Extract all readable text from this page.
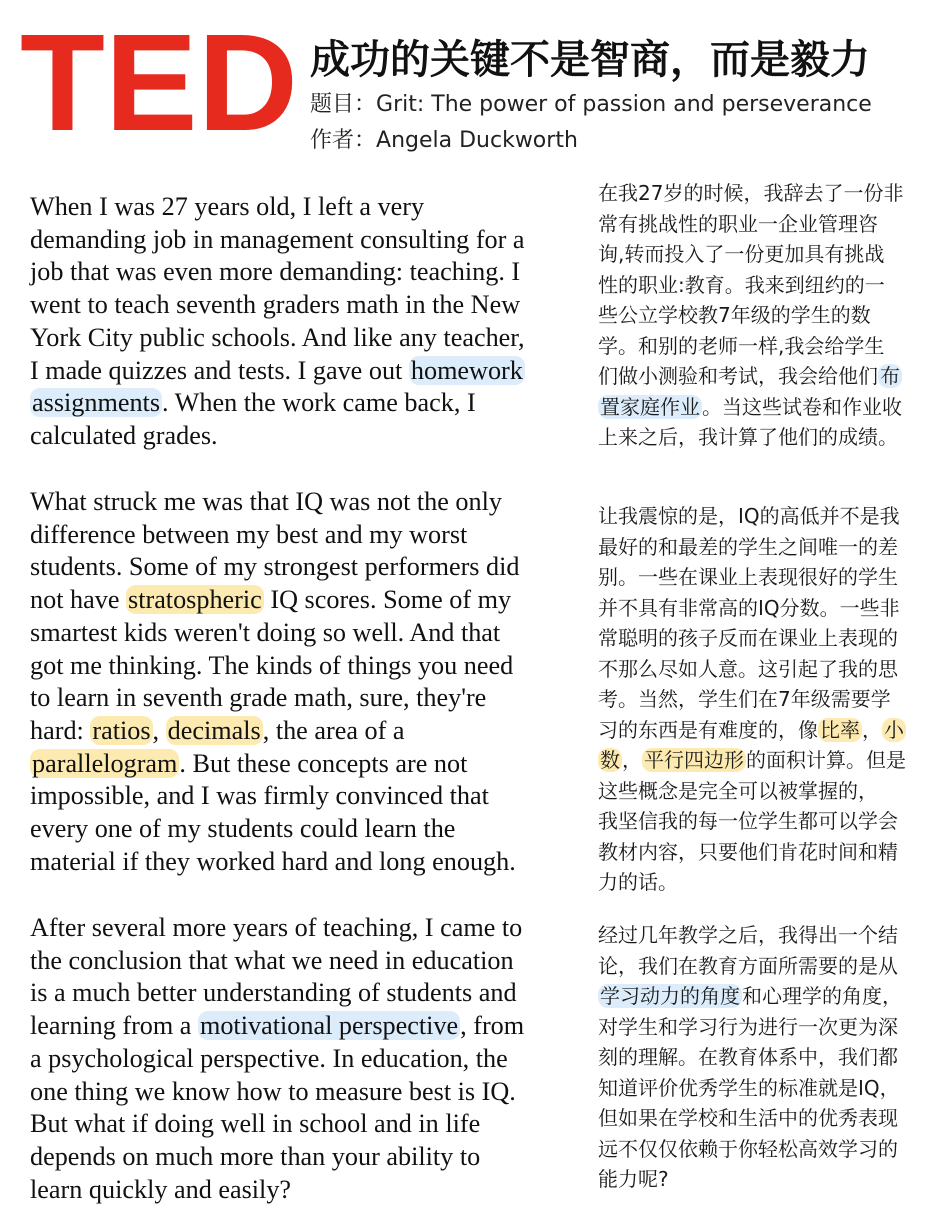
TED 成功的关键不是智商，而是毅力
题目：Grit: The power of passion and perseverance
作者：Angela Duckworth
When I was 27 years old, I left a very
demanding job in management consulting for a
job that was even more demanding: teaching. I
went to teach seventh graders math in the New
York City public schools. And like any teacher,
I made quizzes and tests. I gave out homework
assignments. When the work came back, I
calculated grades.
What struck me was that IQ was not the only
difference between my best and my worst
students. Some of my strongest performers did
not have stratospheric IQ scores. Some of my
smartest kids weren't doing so well. And that
got me thinking. The kinds of things you need
to learn in seventh grade math, sure, they're
hard: ratios, decimals, the area of a
parallelogram. But these concepts are not
impossible, and I was firmly convinced that
every one of my students could learn the
material if they worked hard and long enough.
After several more years of teaching, I came to
the conclusion that what we need in education
is a much better understanding of students and
learning from a motivational perspective, from
a psychological perspective. In education, the
one thing we know how to measure best is IQ.
But what if doing well in school and in life
depends on much more than your ability to
learn quickly and easily?
在我27岁的时候，我辞去了一份非
常有挑战性的职业一企业管理咨
询,转而投入了一份更加具有挑战
性的职业:教育。我来到纽约的一
些公立学校教7年级的学生的数
学。和别的老师一样,我会给学生
们做小测验和考试，我会给他们 布
置家庭作业 。当这些试卷和作业收
上来之后，我计算了他们的成绩。
让我震惊的是，IQ的高低并不是我
最好的和最差的学生之间唯一的差
别。一些在课业上表现很好的学生
并不具有非常高的IQ分数。一些非
常聪明的孩子反而在课业上表现的
不那么尽如人意。这引起了我的思
考。当然，学生们在7年级需要学
习的东西是有难度的，像 比率 ， 小
数 ， 平行四边形 的面积计算。但是
这些概念是完全可以被掌握的，
我坚信我的每一位学生都可以学会
教材内容，只要他们肯花时间和精
力的话。
经过几年教学之后，我得出一个结
论，我们在教育方面所需要的是从
学习动力的角度 和心理学的角度，
对学生和学习行为进行一次更为深
刻的理解。在教育体系中，我们都
知道评价优秀学生的标准就是IQ，
但如果在学校和生活中的优秀表现
远不仅仅依赖于你轻松高效学习的
能力呢?
